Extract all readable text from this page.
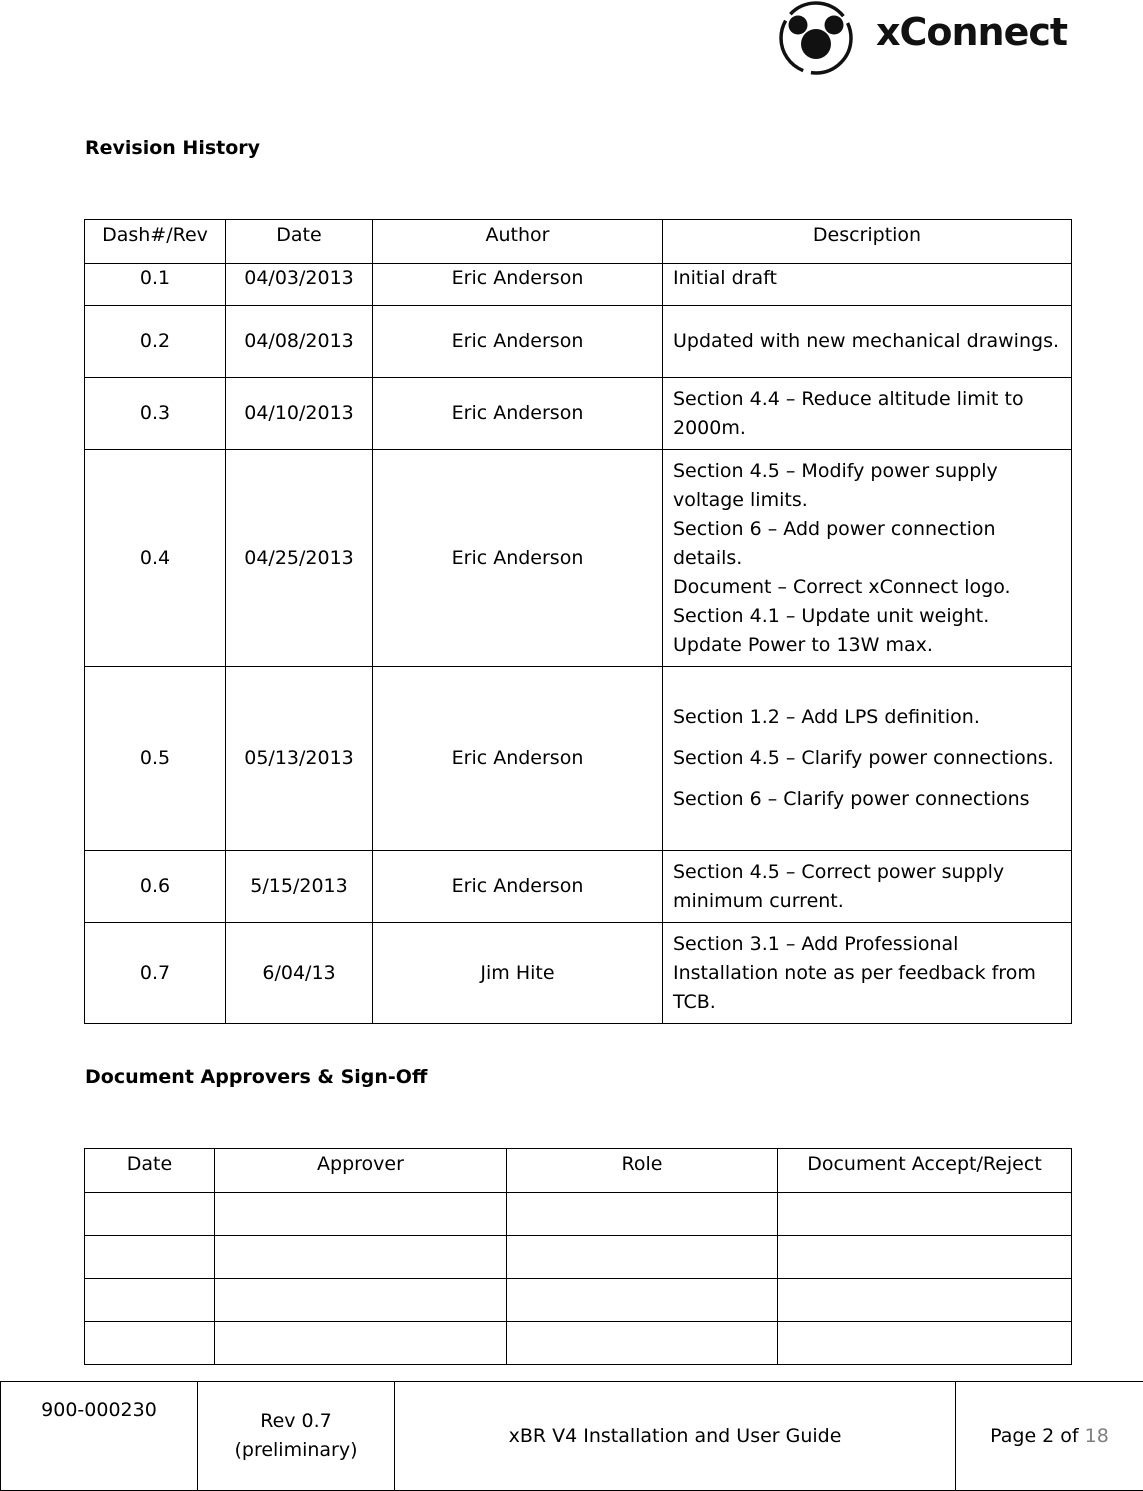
xConnect
Revision History
Dash#/Rev	Date	Author	Description
0.1	04/03/2013	Eric Anderson	Initial draft

0.2	04/08/2013	Eric Anderson	Updated with new mechanical drawings.

0.3	04/10/2013	Eric Anderson	Section 4.4 – Reduce altitude limit to 2000m.

0.4	04/25/2013	Eric Anderson	Section 4.5 – Modify power supply voltage limits.

Section 6 – Add power connection details.

Document – Correct xConnect logo.

Section 4.1 – Update unit weight.

Update Power to 13W max.

0.5	05/13/2013	Eric Anderson	Section 1.2 – Add LPS definition.

Section 4.5 – Clarify power connections.

Section 6 – Clarify power connections

0.6	5/15/2013	Eric Anderson	Section 4.5 – Correct power supply minimum current.

0.7	6/04/13	Jim Hite	Section 3.1 – Add Professional Installation note as per feedback from TCB.

Document Approvers & Sign-Off
Date	Approver	Role	Document Accept/Reject

900-000230	Rev 0.7
(preliminary)
	xBR V4 Installation and User Guide	Page 2 of 18
